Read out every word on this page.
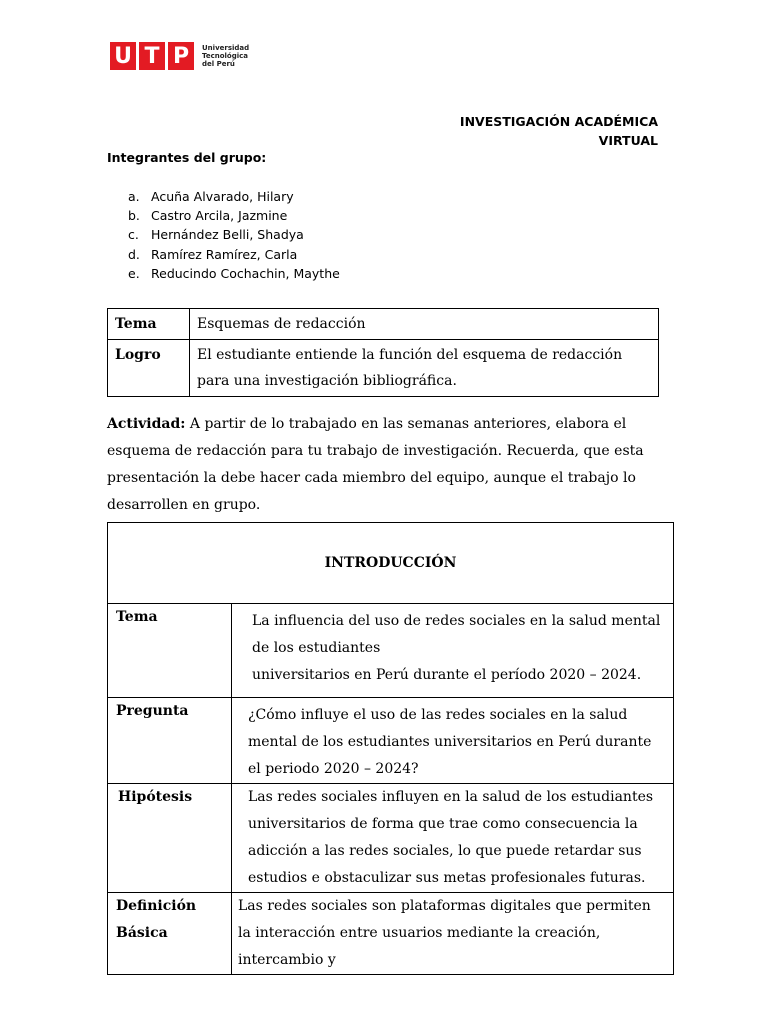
U T P	Universidad
Tecnológica
del Perú
INVESTIGACIÓN ACADÉMICA
VIRTUAL
Integrantes del grupo:
a. Acuña Alvarado, Hilary
b. Castro Arcila, Jazmine
c. Hernández Belli, Shadya
d. Ramírez Ramírez, Carla
e. Reducindo Cochachin, Maythe
Tema	Esquemas de redacción
Logro	El estudiante entiende la función del esquema de redacción para una investigación bibliográfica.
Actividad: A partir de lo trabajado en las semanas anteriores, elabora el esquema de redacción para tu trabajo de investigación. Recuerda, que esta presentación la debe hacer cada miembro del equipo, aunque el trabajo lo desarrollen en grupo.
INTRODUCCIÓN	
Tema	La influencia del uso de redes sociales en la salud mental de los estudiantes
universitarios en Perú durante el período 2020 – 2024.

Pregunta	¿Cómo influye el uso de las redes sociales en la salud mental de los estudiantes universitarios en Perú durante el periodo 2020 – 2024?
Hipótesis	Las redes sociales influyen en la salud de los estudiantes universitarios de forma que trae como consecuencia la adicción a las redes sociales, lo que puede retardar sus estudios e obstaculizar sus metas profesionales futuras.
Definición Básica	Las redes sociales son plataformas digitales que permiten la interacción entre usuarios mediante la creación, intercambio y
